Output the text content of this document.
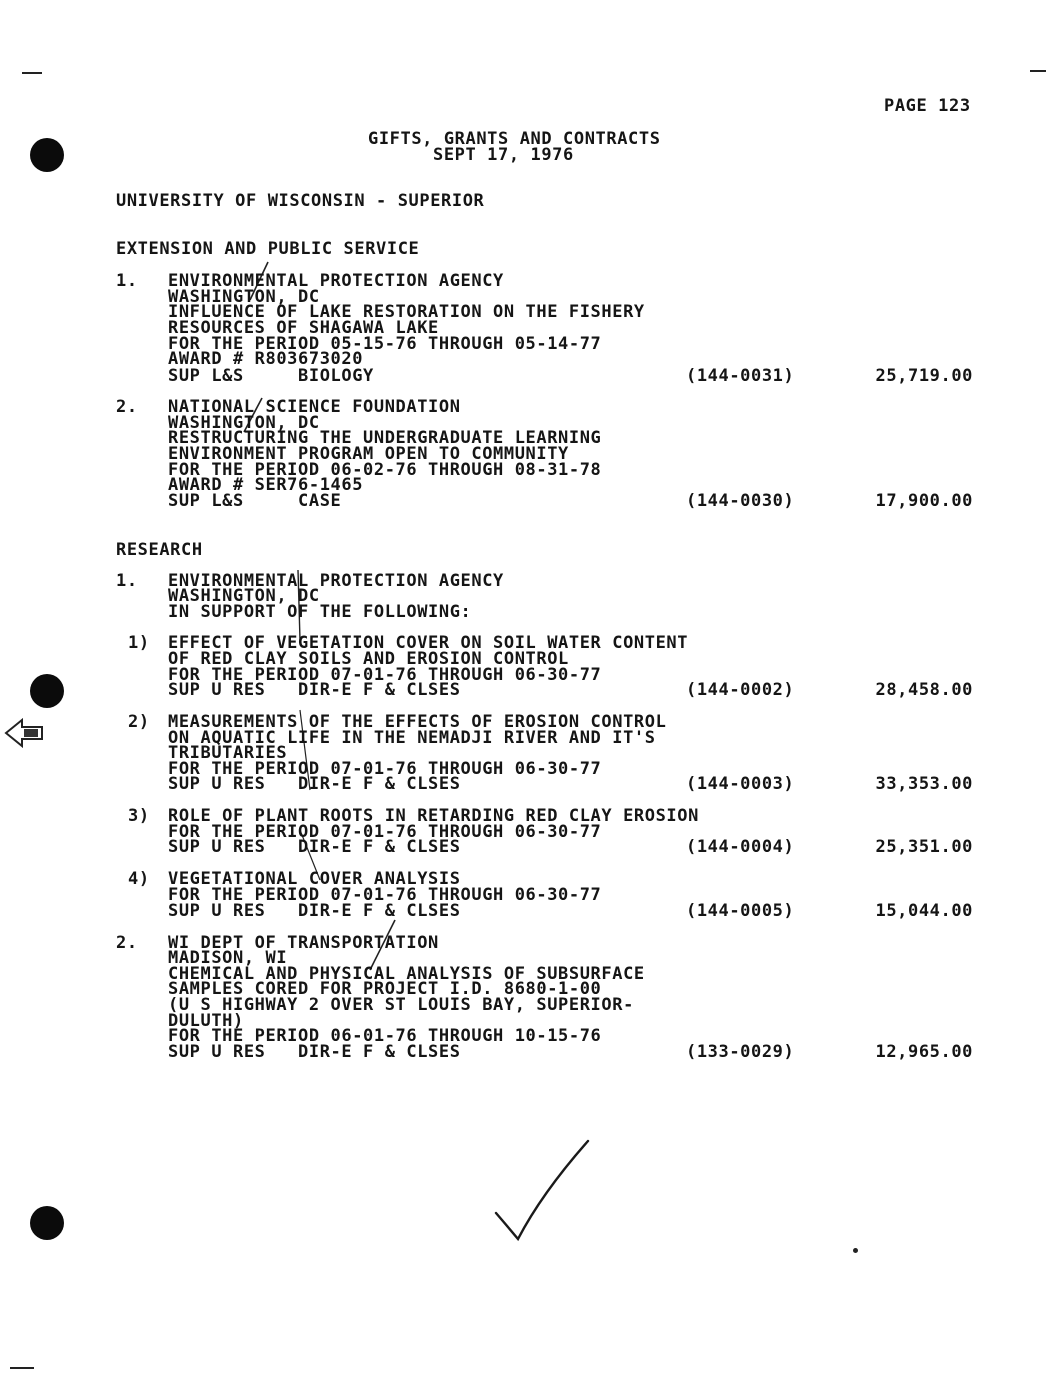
PAGE 123
GIFTS, GRANTS AND CONTRACTS
SEPT 17, 1976
UNIVERSITY OF WISCONSIN - SUPERIOR
EXTENSION AND PUBLIC SERVICE
1. ENVIRONMENTAL PROTECTION AGENCY
WASHINGTON, DC
INFLUENCE OF LAKE RESTORATION ON THE FISHERY
RESOURCES OF SHAGAWA LAKE
FOR THE PERIOD 05-15-76 THROUGH 05-14-77
AWARD # R803673020
SUP L&S     BIOLOGY	(144-0031)	25,719.00
2. NATIONAL SCIENCE FOUNDATION
WASHINGTON, DC
RESTRUCTURING THE UNDERGRADUATE LEARNING
ENVIRONMENT PROGRAM OPEN TO COMMUNITY
FOR THE PERIOD 06-02-76 THROUGH 08-31-78
AWARD # SER76-1465
SUP L&S     CASE	(144-0030)	17,900.00
RESEARCH
1. ENVIRONMENTAL PROTECTION AGENCY
WASHINGTON, DC
IN SUPPORT OF THE FOLLOWING:
1) EFFECT OF VEGETATION COVER ON SOIL WATER CONTENT
OF RED CLAY SOILS AND EROSION CONTROL
FOR THE PERIOD 07-01-76 THROUGH 06-30-77
SUP U RES   DIR-E F & CLSES	(144-0002)	28,458.00
2) MEASUREMENTS OF THE EFFECTS OF EROSION CONTROL
ON AQUATIC LIFE IN THE NEMADJI RIVER AND IT'S
TRIBUTARIES
FOR THE PERIOD 07-01-76 THROUGH 06-30-77
SUP U RES   DIR-E F & CLSES	(144-0003)	33,353.00
3) ROLE OF PLANT ROOTS IN RETARDING RED CLAY EROSION
FOR THE PERIOD 07-01-76 THROUGH 06-30-77
SUP U RES   DIR-E F & CLSES	(144-0004)	25,351.00
4) VEGETATIONAL COVER ANALYSIS
FOR THE PERIOD 07-01-76 THROUGH 06-30-77
SUP U RES   DIR-E F & CLSES	(144-0005)	15,044.00
2. WI DEPT OF TRANSPORTATION
MADISON, WI
CHEMICAL AND PHYSICAL ANALYSIS OF SUBSURFACE
SAMPLES CORED FOR PROJECT I.D. 8680-1-00
(U S HIGHWAY 2 OVER ST LOUIS BAY, SUPERIOR-
DULUTH)
FOR THE PERIOD 06-01-76 THROUGH 10-15-76
SUP U RES   DIR-E F & CLSES	(133-0029)	12,965.00
